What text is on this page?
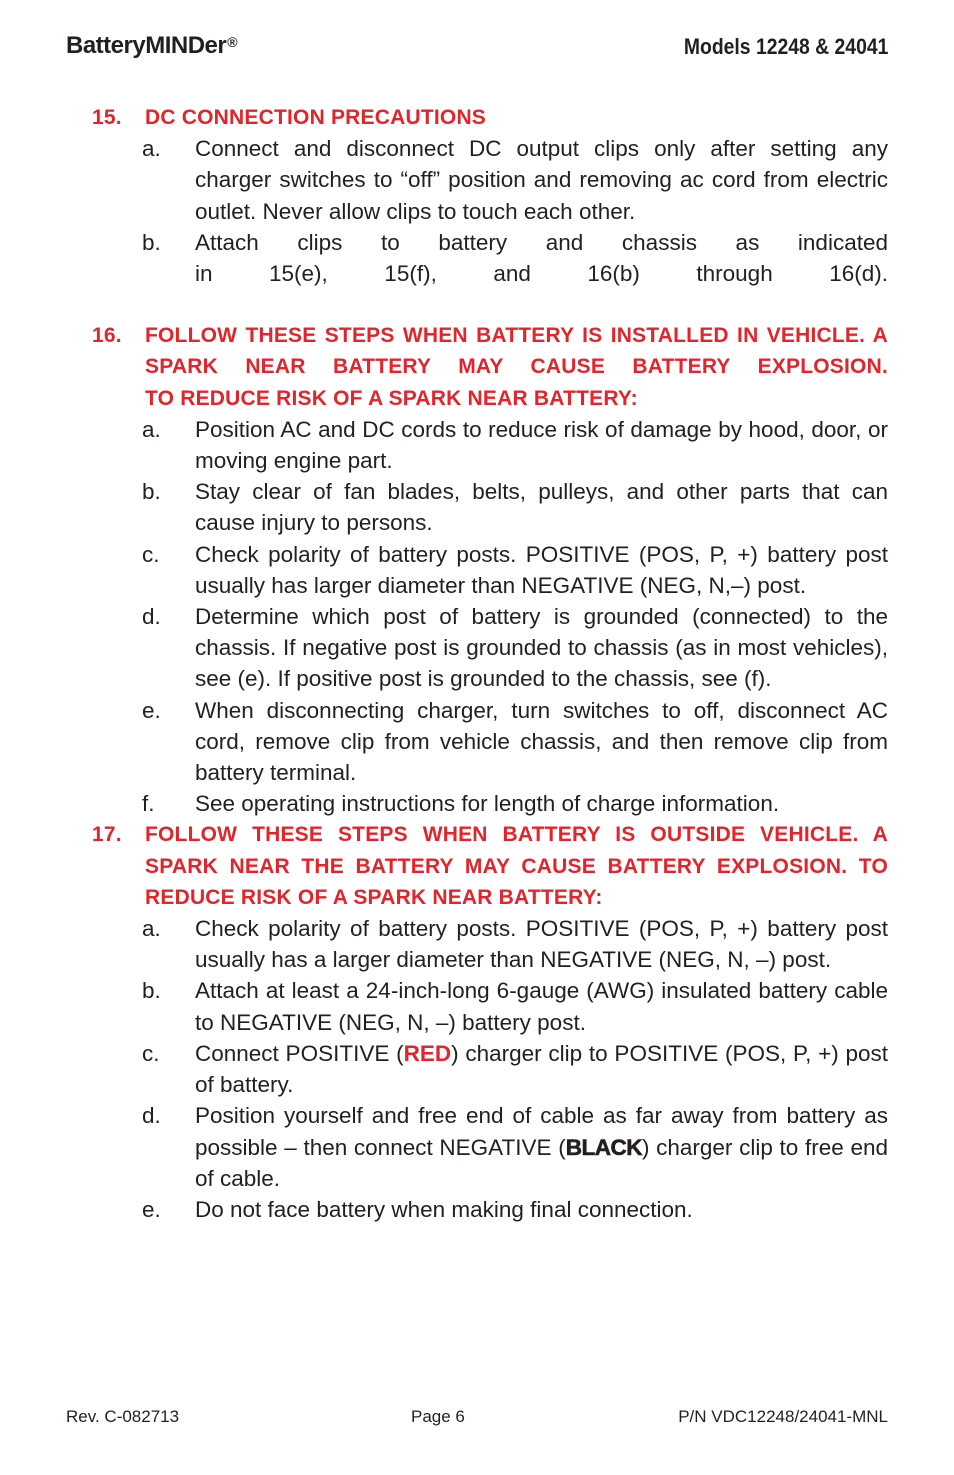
BatteryMINDer®	Models 12248 & 24041
15. DC CONNECTION PRECAUTIONS
a. Connect and disconnect DC output clips only after setting any charger switches to “off” position and removing ac cord from electric outlet. Never allow clips to touch each other.
b. Attach clips to battery and chassis as indicated
in 15(e), 15(f), and 16(b) through 16(d).
16. FOLLOW THESE STEPS WHEN BATTERY IS INSTALLED IN VEHICLE. A SPARK NEAR BATTERY MAY CAUSE BATTERY EXPLOSION.
TO REDUCE RISK OF A SPARK NEAR BATTERY:
a. Position AC and DC cords to reduce risk of damage by hood, door, or moving engine part.
b. Stay clear of fan blades, belts, pulleys, and other parts that can cause injury to persons.
c. Check polarity of battery posts. POSITIVE (POS, P, +) battery post usually has larger diameter than NEGATIVE (NEG, N,–) post.
d. Determine which post of battery is grounded (connected) to the chassis. If negative post is grounded to chassis (as in most vehicles), see (e). If positive post is grounded to the chassis, see (f).
e. When disconnecting charger, turn switches to off, disconnect AC cord, remove clip from vehicle chassis, and then remove clip from battery terminal.
f. See operating instructions for length of charge information.
17. FOLLOW THESE STEPS WHEN BATTERY IS OUTSIDE VEHICLE. A SPARK NEAR THE BATTERY MAY CAUSE BATTERY EXPLOSION. TO REDUCE RISK OF A SPARK NEAR BATTERY:
a. Check polarity of battery posts. POSITIVE (POS, P, +) battery post usually has a larger diameter than NEGATIVE (NEG, N, –) post.
b. Attach at least a 24-inch-long 6-gauge (AWG) insulated battery cable to NEGATIVE (NEG, N, –) battery post.
c. Connect POSITIVE (RED) charger clip to POSITIVE (POS, P, +) post of battery.
d. Position yourself and free end of cable as far away from battery as possible – then connect NEGATIVE (BLACK) charger clip to free end of cable.
e. Do not face battery when making final connection.
Rev. C-082713	Page 6	P/N VDC12248/24041-MNL
